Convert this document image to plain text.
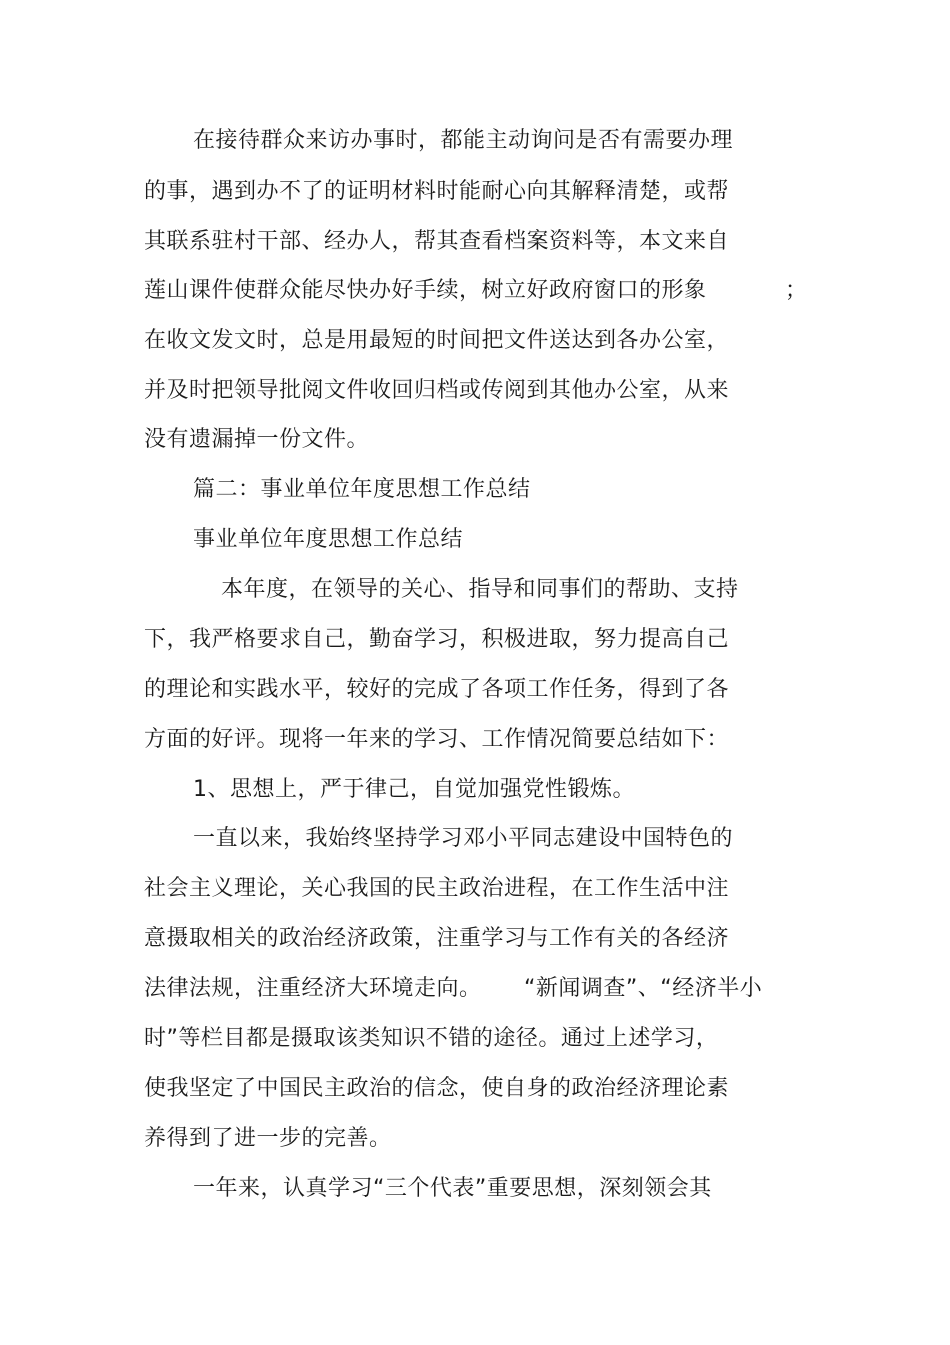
在接待群众来访办事时，都能主动询问是否有需要办理
的事，遇到办不了的证明材料时能耐心向其解释清楚，或帮
其联系驻村干部、经办人，帮其查看档案资料等，本文来自
莲山课件使群众能尽快办好手续，树立好政府窗口的形象	；
在收文发文时，总是用最短的时间把文件送达到各办公室，
并及时把领导批阅文件收回归档或传阅到其他办公室，从来
没有遗漏掉一份文件。
篇二：事业单位年度思想工作总结
事业单位年度思想工作总结
本年度，在领导的关心、指导和同事们的帮助、支持
下，我严格要求自己，勤奋学习，积极进取，努力提高自己
的理论和实践水平，较好的完成了各项工作任务，得到了各
方面的好评。现将一年来的学习、工作情况简要总结如下：
1、思想上，严于律己，自觉加强党性锻炼。
一直以来，我始终坚持学习邓小平同志建设中国特色的
社会主义理论，关心我国的民主政治进程，在工作生活中注
意摄取相关的政治经济政策，注重学习与工作有关的各经济
法律法规，注重经济大环境走向。 “新闻调查”、“经济半小
时”等栏目都是摄取该类知识不错的途径。通过上述学习，
使我坚定了中国民主政治的信念，使自身的政治经济理论素
养得到了进一步的完善。
一年来，认真学习“三个代表”重要思想，深刻领会其
